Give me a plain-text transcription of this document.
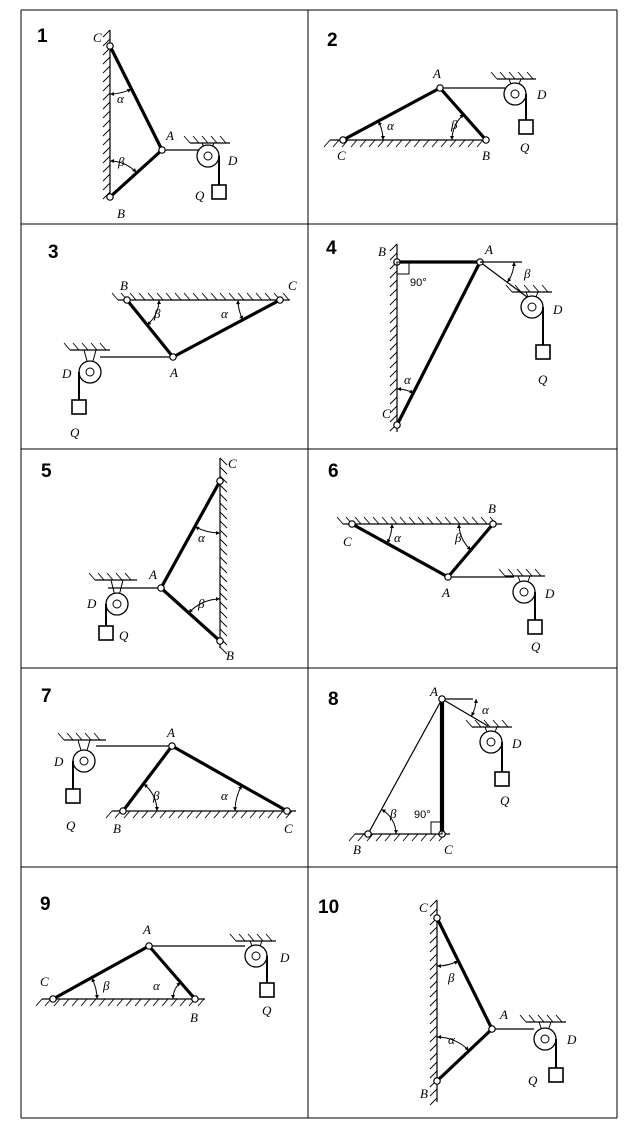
1	C
A
B
D
Q
α
β
2
A
C	B
D
Q
α	β
3
B	C
A
D
Q
β	α
4
90°
B	A
C
D
Q
α
β
5	C
A
B
D
Q
α
β
6
C
B
A	D
Q
α	β
7
A
B	C
D
Q
β	α
8
90°
A
B	C
D
Q
α
β
9
A
C
B
D
Q
β	α
10	C
A
B
D
Q
β
α
